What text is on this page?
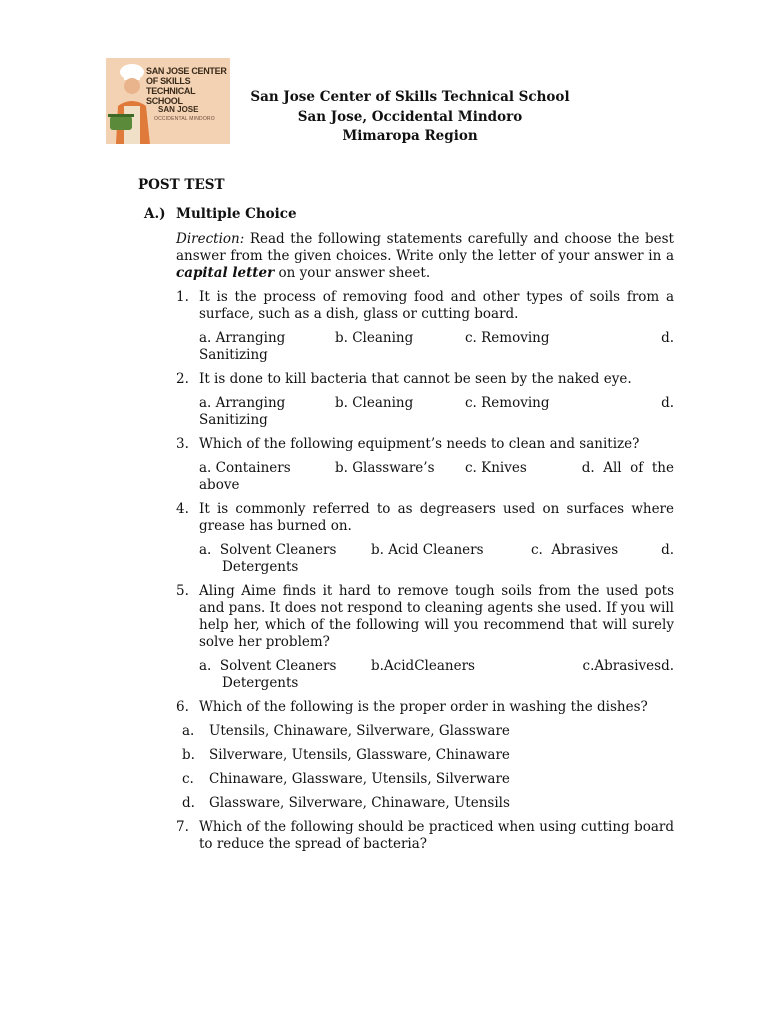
SAN JOSE CENTER
OF SKILLS
TECHNICAL SCHOOL
SAN JOSE
OCCIDENTAL MINDORO
San Jose Center of Skills Technical School
San Jose, Occidental Mindoro
Mimaropa Region
POST TEST
A.) Multiple Choice

Direction: Read the following statements carefully and choose the best answer from the given choices. Write only the letter of your answer in a capital letter on your answer sheet.

1. It is the process of removing food and other types of soils from a surface, such as a dish, glass or cutting board.
a. Arranging	b. Cleaning	c. Removing	d.
Sanitizing
2. It is done to kill bacteria that cannot be seen by the naked eye.
a. Arranging	b. Cleaning	c. Removing	d.
Sanitizing
3. Which of the following equipment’s needs to clean and sanitize?
a. Containers	b. Glassware’s	c. Knives	d.  All  of  the
above
4. It is commonly referred to as degreasers used on surfaces where grease has burned on.
a.  Solvent Cleaners	b. Acid Cleaners	c.  Abrasives	d.
Detergents
5. Aling Aime finds it hard to remove tough soils from the used pots and pans. It does not respond to cleaning agents she used. If you will help her, which of the following will you recommend that will surely solve her problem?
a.  Solvent Cleaners	b.AcidCleaners	c.Abrasivesd.
Detergents
6. Which of the following is the proper order in washing the dishes?
a.	Utensils, Chinaware, Silverware, Glassware
b.	Silverware, Utensils, Glassware, Chinaware
c.	Chinaware, Glassware, Utensils, Silverware
d.	Glassware, Silverware, Chinaware, Utensils
7. Which of the following should be practiced when using cutting board to reduce the spread of bacteria?
